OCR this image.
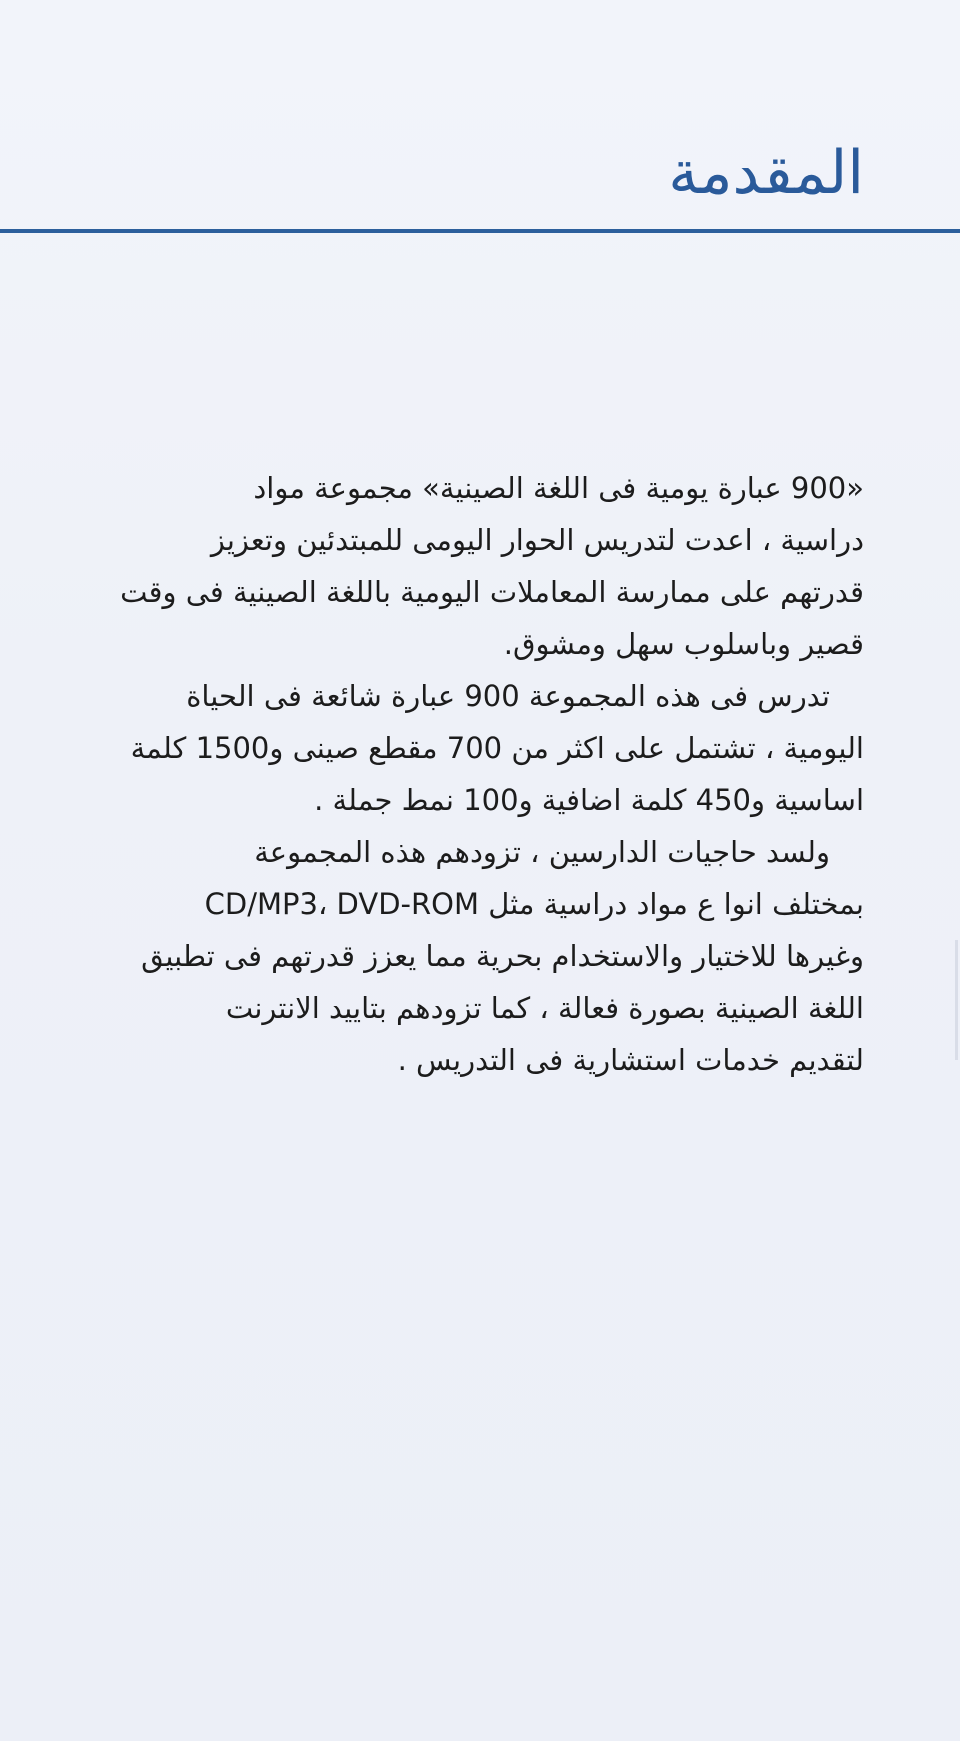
المقدمة

«900 عبارة يومية فى اللغة الصينية» مجموعة مواد
دراسية ، اعدت لتدريس الحوار اليومى للمبتدئين وتعزيز
قدرتهم على ممارسة المعاملات اليومية باللغة الصينية فى وقت
قصير وباسلوب سهل ومشوق.

تدرس فى هذه المجموعة 900 عبارة شائعة فى الحياة
اليومية ، تشتمل على اكثر من 700 مقطع صينى و1500 كلمة
اساسية و450 كلمة اضافية و100 نمط جملة .

ولسد حاجيات الدارسين ، تزودهم هذه المجموعة
بمختلف انوا ع مواد دراسية مثل CD/MP3، DVD-ROM
وغيرها للاختيار والاستخدام بحرية مما يعزز قدرتهم فى تطبيق
اللغة الصينية بصورة فعالة ، كما تزودهم بتاييد الانترنت
لتقديم خدمات استشارية فى التدريس .
